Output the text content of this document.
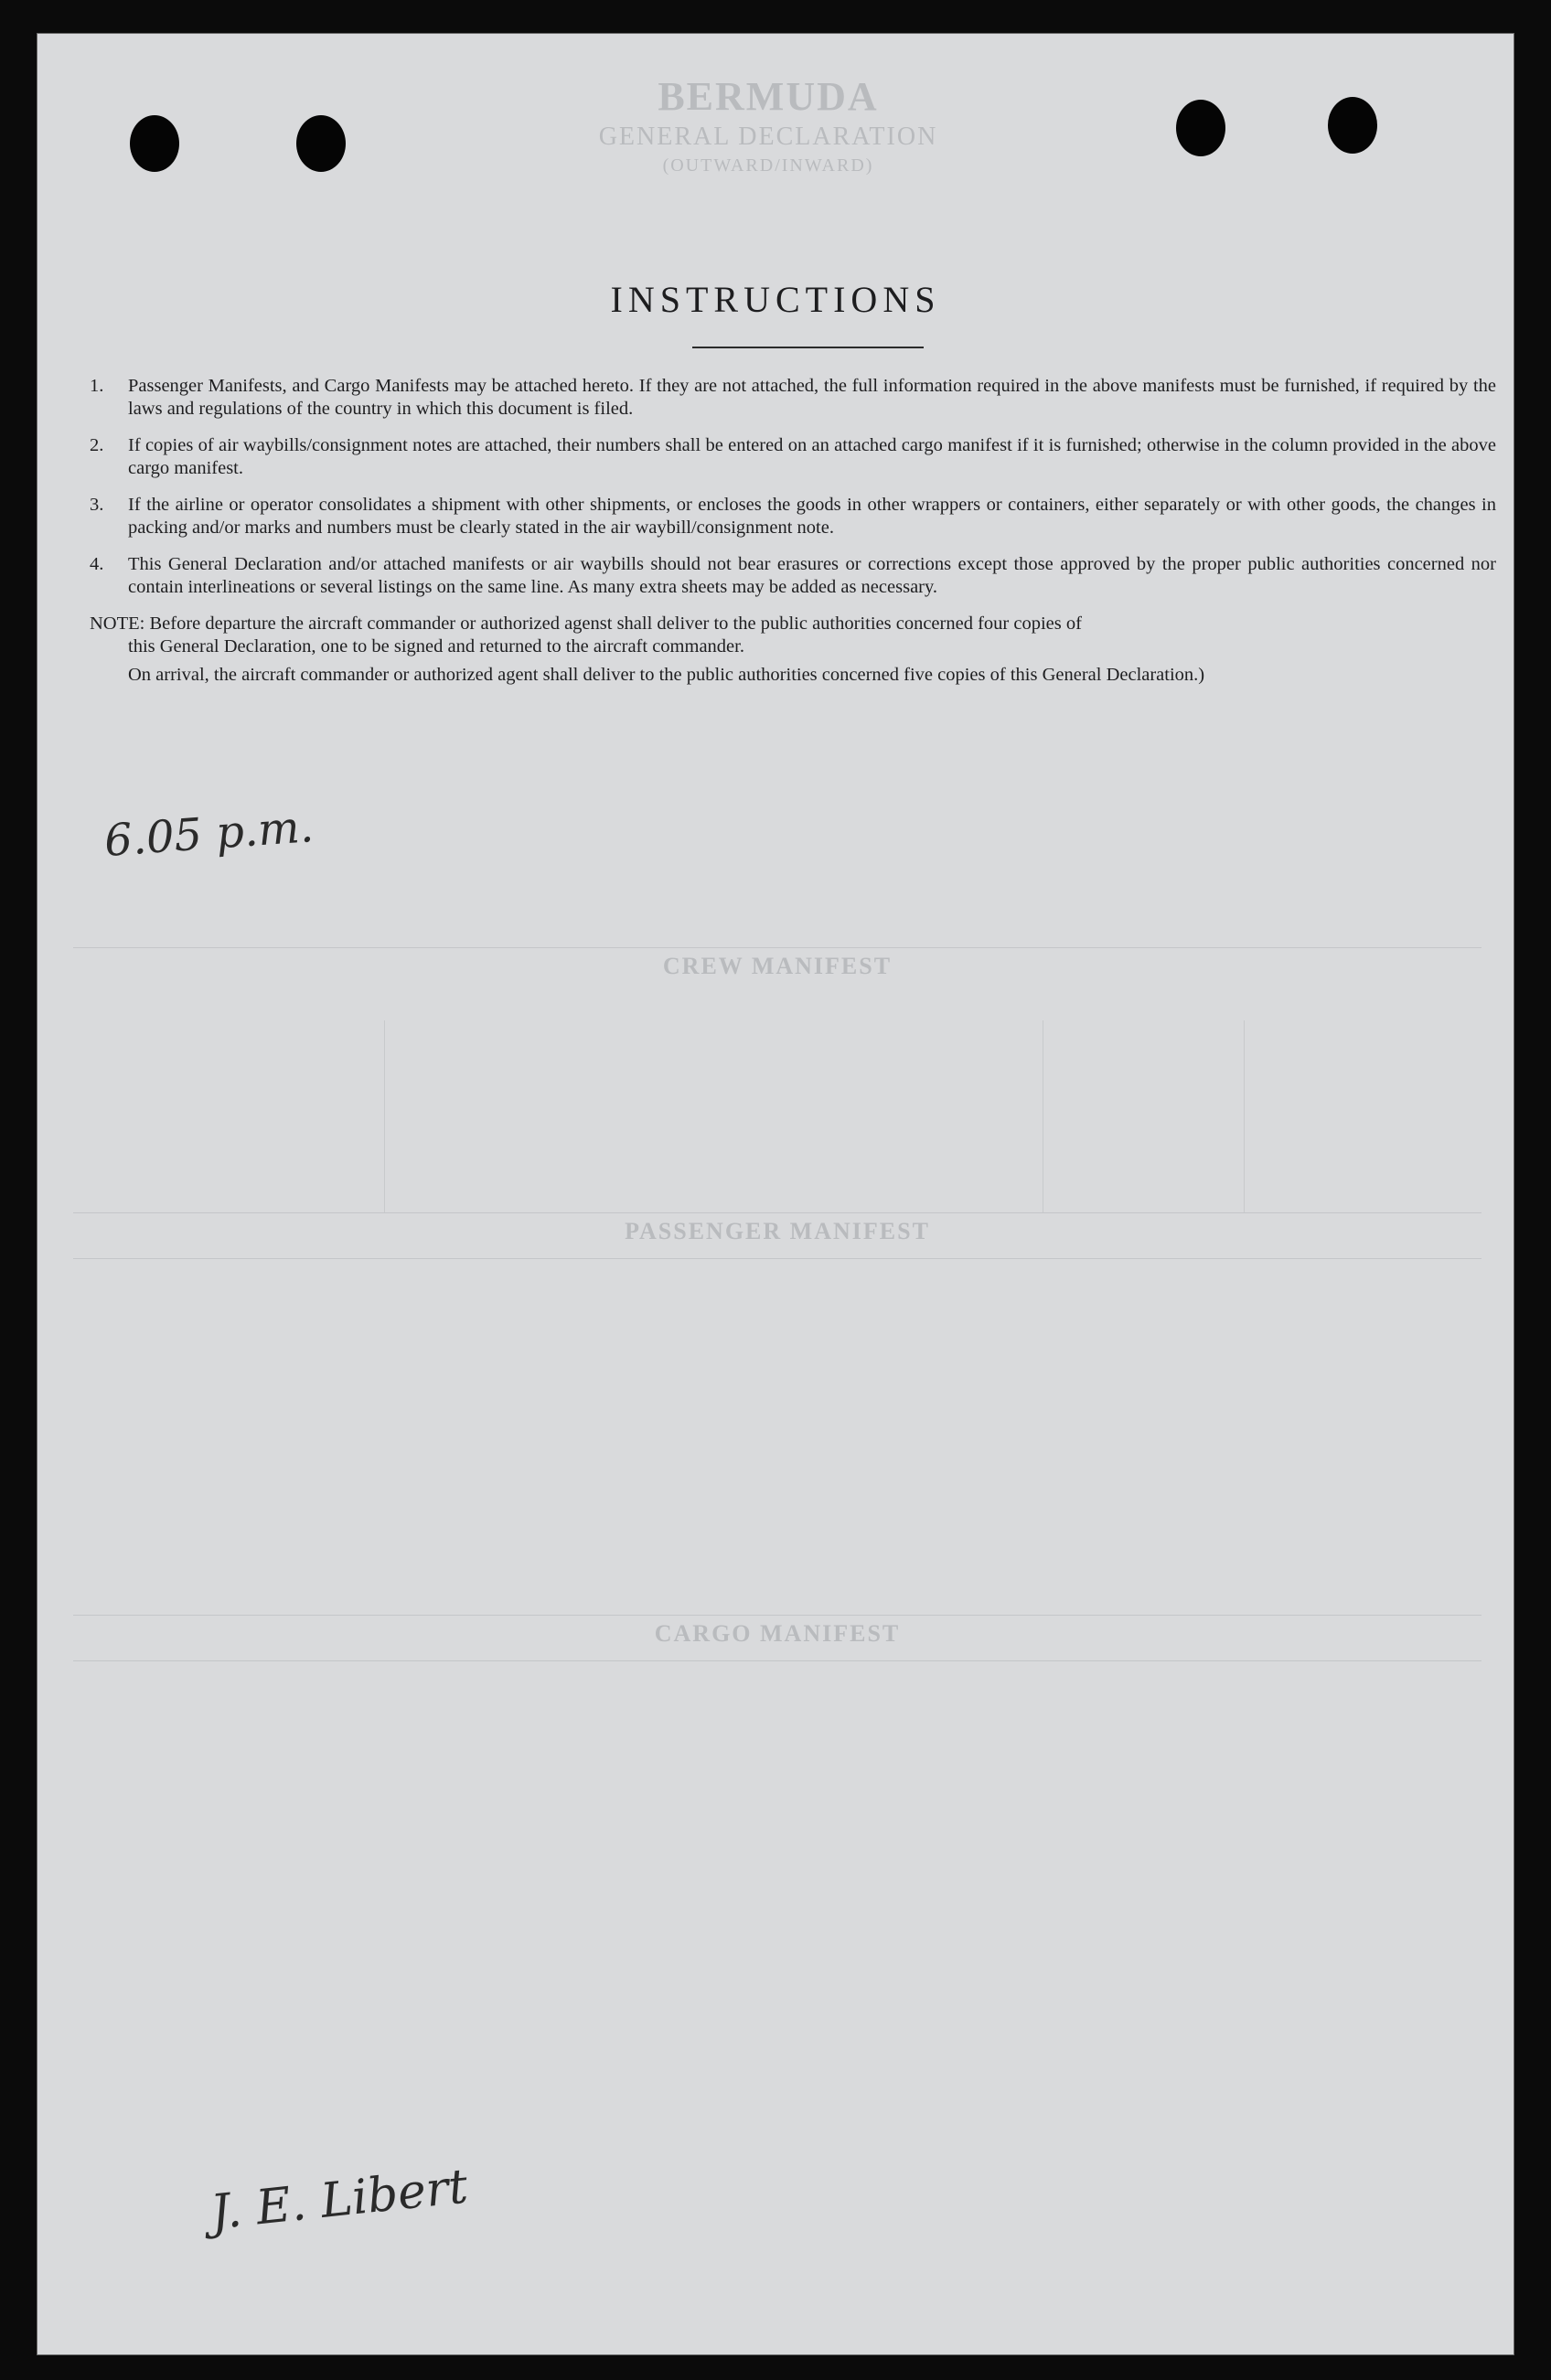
BERMUDA
GENERAL DECLARATION
(OUTWARD/INWARD)
CREW MANIFEST
PASSENGER MANIFEST
CARGO MANIFEST
INSTRUCTIONS
1.	Passenger Manifests, and Cargo Manifests may be attached hereto. If they are not attached, the full information required in the above manifests must be furnished, if required by the laws and regulations of the country in which this document is filed.
2.	If copies of air waybills/consignment notes are attached, their numbers shall be entered on an attached cargo manifest if it is furnished; otherwise in the column provided in the above cargo manifest.
3.	If the airline or operator consolidates a shipment with other shipments, or encloses the goods in other wrappers or containers, either separately or with other goods, the changes in packing and/or marks and numbers must be clearly stated in the air waybill/consignment note.
4.	This General Declaration and/or attached manifests or air waybills should not bear erasures or corrections except those approved by the proper public authorities concerned nor contain interlineations or several listings on the same line. As many extra sheets may be added as necessary.
NOTE: Before departure the aircraft commander or authorized agenst shall deliver to the public authorities concerned four copies of
this General Declaration, one to be signed and returned to the aircraft commander.
On arrival, the aircraft commander or authorized agent shall deliver to the public authorities concerned five copies of this General Declaration.)
6.05 p.m.
J. E. Libert
